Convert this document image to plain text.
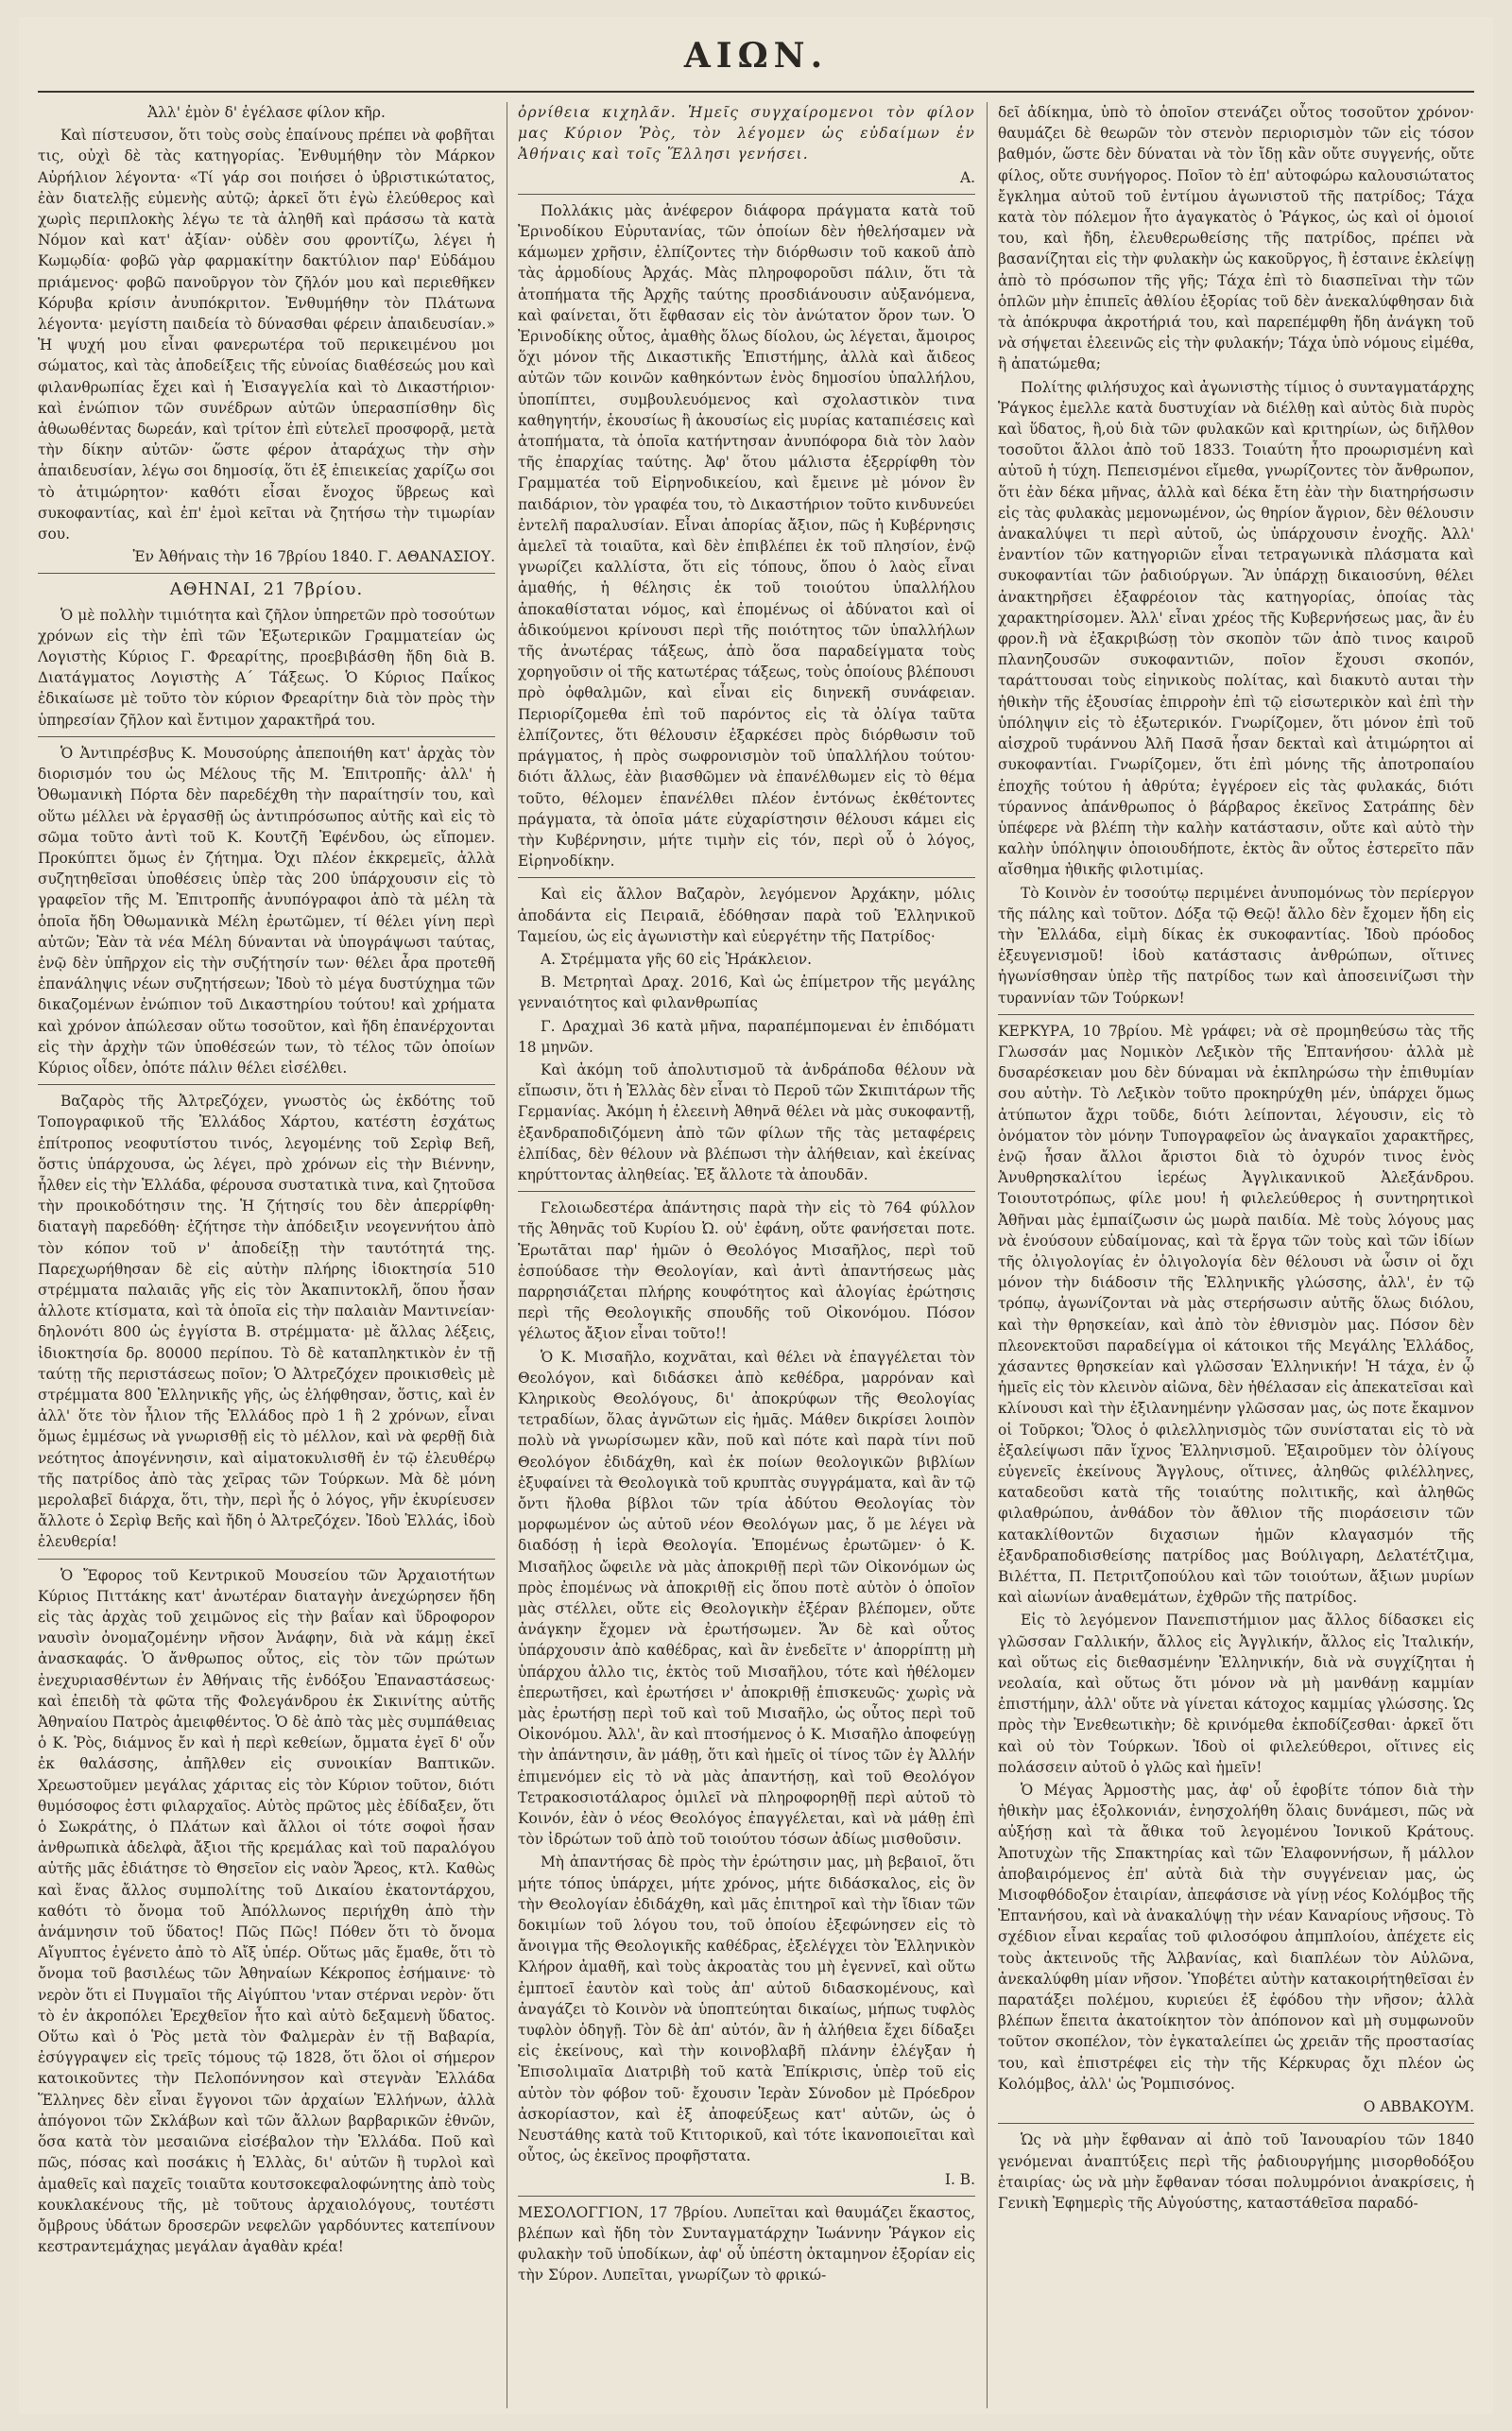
ΑΙΩΝ.

Ἀλλ' ἐμὸν δ' ἐγέλασε φίλον κῆρ.

Καὶ πίστευσον, ὅτι τοὺς σοὺς ἐπαίνους πρέπει νὰ φοβῆται τις, οὐχὶ δὲ τὰς κατηγορίας. Ἐνθυμήθην τὸν Μάρκον Αὐρήλιον λέγοντα· «Τί γάρ σοι ποιήσει ὁ ὑβριστικώτατος, ἐὰν διατελῇς εὐμενὴς αὐτῷ; ἀρκεῖ ὅτι ἐγὼ ἐλεύθερος καὶ χωρὶς περιπλοκὴς λέγω τε τὰ ἀληθῆ καὶ πράσσω τὰ κατὰ Νόμον καὶ κατ' ἀξίαν· οὐδὲν σου φροντίζω, λέγει ἡ Κωμῳδία· φοβῶ γὰρ φαρμακίτην δακτύλιον παρ' Εὐδάμου πριάμενος· φοβῶ πανοῦργον τὸν ζῆλόν μου καὶ περιεθῆκεν Κόρυβα κρίσιν ἀνυπόκριτον. Ἐνθυμήθην τὸν Πλάτωνα λέγοντα· μεγίστη παιδεία τὸ δύνασθαι φέρειν ἀπαιδευσίαν.» Ἡ ψυχή μου εἶναι φανερωτέρα τοῦ περικειμένου μοι σώματος, καὶ τὰς ἀποδείξεις τῆς εὐνοίας διαθέσεώς μου καὶ φιλανθρωπίας ἔχει καὶ ἡ Ἐισαγγελία καὶ τὸ Δικαστήριον· καὶ ἐνώπιον τῶν συνέδρων αὐτῶν ὑπερασπίσθην δὶς ἀθωωθέντας δωρεάν, καὶ τρίτον ἐπὶ εὐτελεῖ προσφορᾷ, μετὰ τὴν δίκην αὐτῶν· ὥστε φέρον ἀταράχως τὴν σὴν ἀπαιδευσίαν, λέγω σοι δημοσίᾳ, ὅτι ἐξ ἐπιεικείας χαρίζω σοι τὸ ἀτιμώρητον· καθότι εἶσαι ἔνοχος ὕβρεως καὶ συκοφαντίας, καὶ ἐπ' ἐμοὶ κεῖται νὰ ζητήσω τὴν τιμωρίαν σου.

Ἐν Ἀθήναις τὴν 16 7βρίου 1840. Γ. ΑΘΑΝΑΣΙΟΥ.

ΑΘΗΝΑΙ, 21 7βρίου.

Ὁ μὲ πολλὴν τιμιότητα καὶ ζῆλον ὑπηρετῶν πρὸ τοσούτων χρόνων εἰς τὴν ἐπὶ τῶν Ἐξωτερικῶν Γραμματείαν ὡς Λογιστὴς Κύριος Γ. Φρεαρίτης, προεβιβάσθη ἤδη διὰ Β. Διατάγματος Λογιστὴς Α΄ Τάξεως. Ὁ Κύριος Παΐκος ἐδικαίωσε μὲ τοῦτο τὸν κύριον Φρεαρίτην διὰ τὸν πρὸς τὴν ὑπηρεσίαν ζῆλον καὶ ἔντιμον χαρακτῆρά του.

Ὁ Ἀντιπρέσβυς Κ. Μουσούρης ἀπεποιήθη κατ' ἀρχὰς τὸν διορισμόν του ὡς Μέλους τῆς Μ. Ἐπιτροπῆς· ἀλλ' ἡ Ὀθωμανικὴ Πόρτα δὲν παρεδέχθη τὴν παραίτησίν του, καὶ οὕτω μέλλει νὰ ἐργασθῇ ὡς ἀντιπρόσωπος αὐτῆς καὶ εἰς τὸ σῶμα τοῦτο ἀντὶ τοῦ Κ. Κουτζῆ Ἐφένδου, ὡς εἴπομεν. Προκύπτει ὅμως ἐν ζήτημα. Ὀχι πλέον ἐκκρεμεῖς, ἀλλὰ συζητηθεῖσαι ὑποθέσεις ὑπὲρ τὰς 200 ὑπάρχουσιν εἰς τὸ γραφεῖον τῆς Μ. Ἐπιτροπῆς ἀνυπόγραφοι ἀπὸ τὰ μέλη τὰ ὁποῖα ἤδη Ὀθωμανικὰ Μέλη ἐρωτῶμεν, τί θέλει γίνη περὶ αὐτῶν; Ἐὰν τὰ νέα Μέλη δύνανται νὰ ὑπογράψωσι ταύτας, ἐνῷ δὲν ὑπῆρχον εἰς τὴν συζήτησίν των· θέλει ἆρα προτεθῆ ἐπανάληψις νέων συζητήσεων; Ἰδοὺ τὸ μέγα δυστύχημα τῶν δικαζομένων ἐνώπιον τοῦ Δικαστηρίου τούτου! καὶ χρήματα καὶ χρόνον ἀπώλεσαν οὕτω τοσοῦτον, καὶ ἤδη ἐπανέρχονται εἰς τὴν ἀρχὴν τῶν ὑποθέσεών των, τὸ τέλος τῶν ὁποίων Κύριος οἶδεν, ὁπότε πάλιν θέλει εἰσέλθει.

Βαζαρὸς τῆς Ἀλτρεζόχεν, γνωστὸς ὡς ἐκδότης τοῦ Τοπογραφικοῦ τῆς Ἑλλάδος Χάρτου, κατέστη ἐσχάτως ἐπίτροπος νεοφυτίστου τινός, λεγομένης τοῦ Σερὶφ Βεῆ, ὅστις ὑπάρχουσα, ὡς λέγει, πρὸ χρόνων εἰς τὴν Βιέννην, ἦλθεν εἰς τὴν Ἑλλάδα, φέρουσα συστατικὰ τινα, καὶ ζητοῦσα τὴν προικοδότησιν της. Ἡ ζήτησίς του δὲν ἀπερρίφθη· διαταγὴ παρεδόθη· ἐζήτησε τὴν ἀπόδειξιν νεογεννήτου ἀπὸ τὸν κόπον τοῦ ν' ἀποδείξῃ τὴν ταυτότητά της. Παρεχωρήθησαν δὲ εἰς αὐτὴν πλήρης ἰδιοκτησία 510 στρέμματα παλαιᾶς γῆς εἰς τὸν Ἀκαπιντοκλῆ, ὅπου ἦσαν ἀλλοτε κτίσματα, καὶ τὰ ὁποῖα εἰς τὴν παλαιὰν Μαντινείαν· δηλονότι 800 ὡς ἐγγίστα Β. στρέμματα· μὲ ἄλλας λέξεις, ἰδιοκτησία δρ. 80000 περίπου. Τὸ δὲ καταπληκτικὸν ἐν τῇ ταύτῃ τῆς περιστάσεως ποῖον; Ὁ Ἀλτρεζόχεν προικισθεὶς μὲ στρέμματα 800 Ἑλληνικῆς γῆς, ὡς ἐλήφθησαν, ὅστις, καὶ ἐν ἀλλ' ὅτε τὸν ἦλιον τῆς Ἑλλάδος πρὸ 1 ἢ 2 χρόνων, εἶναι ὅμως ἐμμέσως νὰ γνωρισθῇ εἰς τὸ μέλλον, καὶ νὰ φερθῇ διὰ νεότητος ἀπογέννησιν, καὶ αἱματοκυλισθῆ ἐν τῷ ἐλευθέρῳ τῆς πατρίδος ἀπὸ τὰς χεῖρας τῶν Τούρκων. Μὰ δὲ μόνη μερολαβεῖ διάρχα, ὅτι, τὴν, περὶ ἧς ὁ λόγος, γῆν ἐκυρίευσεν ἄλλοτε ὁ Σερὶφ Βεῆς καὶ ἤδη ὁ Ἀλτρεζόχεν. Ἰδοὺ Ἑλλάς, ἰδοὺ ἐλευθερία!

Ὁ Ἔφορος τοῦ Κεντρικοῦ Μουσείου τῶν Ἀρχαιοτήτων Κύριος Πιττάκης κατ' ἀνωτέραν διαταγὴν ἀνεχώρησεν ἤδη εἰς τὰς ἀρχὰς τοῦ χειμῶνος εἰς τὴν βαΐαν καὶ ὕδροφορον ναυσὶν ὀνομαζομένην νῆσον Ἀνάφην, διὰ νὰ κάμῃ ἐκεῖ ἀνασκαφάς. Ὁ ἄνθρωπος οὗτος, εἰς τὸν τῶν πρώτων ἐνεχυριασθέντων ἐν Ἀθήναις τῆς ἐνδόξου Ἐπαναστάσεως· καὶ ἐπειδὴ τὰ φῶτα τῆς Φολεγάνδρου ἐκ Σικινίτης αὐτῆς Ἀθηναίου Πατρὸς ἀμειφθέντος. Ὁ δὲ ἀπὸ τὰς μὲς συμπάθειας ὁ Κ. Ῥὸς, διάμνος ἔν καὶ ἡ περὶ κεθείων, ὄμματα ἐγεῖ δ' οὖν ἐκ θαλάσσης, ἀπῆλθεν εἰς συνοικίαν Βαπτικῶν. Χρεωστοῦμεν μεγάλας χάριτας εἰς τὸν Κύριον τοῦτον, διότι θυμόσοφος ἐστι φιλαρχαῖος. Αὐτὸς πρῶτος μὲς ἐδίδαξεν, ὅτι ὁ Σωκράτης, ὁ Πλάτων καὶ ἄλλοι οἱ τότε σοφοὶ ἦσαν ἀνθρωπικὰ ἀδελφὰ, ἄξιοι τῆς κρεμάλας καὶ τοῦ παραλόγου αὐτῆς μᾶς ἐδιάτησε τὸ Θησεῖον εἰς ναὸν Ἄρεος, κτλ. Καθὼς καὶ ἕνας ἄλλος συμπολίτης τοῦ Δικαίου ἑκατοντάρχου, καθότι τὸ ὄνομα τοῦ Ἀπόλλωνος περιήχθη ἀπὸ τὴν ἀνάμνησιν τοῦ ὕδατος! Πῶς Πῶς! Πόθεν ὅτι τὸ ὄνομα Αἴγυπτος ἐγένετο ἀπὸ τὸ Αἴξ ὑπέρ. Οὕτως μᾶς ἔμαθε, ὅτι τὸ ὄνομα τοῦ βασιλέως τῶν Ἀθηναίων Κέκροπος ἐσήμαινε· τὸ νερὸν ὅτι εἰ Πυγμαῖοι τῆς Αἰγύπτου 'νταν στέρναι νερὸν· ὅτι τὸ ἐν ἀκροπόλει Ἐρεχθεῖον ἦτο καὶ αὐτὸ δεξαμενὴ ὕδατος. Οὕτω καὶ ὁ Ῥὸς μετὰ τὸν Φαλμερὰν ἐν τῇ Βαβαρία, ἐσύγγραψεν εἰς τρεῖς τόμους τῷ 1828, ὅτι ὅλοι οἱ σήμερον κατοικοῦντες τὴν Πελοπόννησον καὶ στεγνὰν Ἑλλάδα Ἕλληνες δὲν εἶναι ἔγγονοι τῶν ἀρχαίων Ἑλλήνων, ἀλλὰ ἀπόγονοι τῶν Σκλάβων καὶ τῶν ἄλλων βαρβαρικῶν ἐθνῶν, ὅσα κατὰ τὸν μεσαιῶνα εἰσέβαλον τὴν Ἑλλάδα. Ποῦ καὶ πῶς, πόσας καὶ ποσάκις ἡ Ἑλλὰς, δι' αὐτῶν ἢ τυρλοὶ καὶ ἀμαθεῖς καὶ παχεῖς τοιαῦτα κουτσοκεφαλοφώνητης ἀπὸ τοὺς κουκλακένους τῆς, μὲ τοῦτους ἀρχαιολόγους, τουτέστι ὄμβρους ὑδάτων δροσερῶν νεφελῶν γαρδόυντες κατεπίνουν κεστραντεμάχηας μεγάλαν ἀγαθὰν κρέα!

ὀρνίθεια κιχηλᾶν. Ἡμεῖς συγχαίρομενοι τὸν φίλον μας Κύριον Ῥὸς, τὸν λέγομεν ὡς εὐδαίμων ἐν Ἀθήναις καὶ τοῖς Ἕλλησι γενήσει.

Α.

Πολλάκις μὰς ἀνέφερον διάφορα πράγματα κατὰ τοῦ Ἐρινοδίκου Εὐρυτανίας, τῶν ὁποίων δὲν ἠθελήσαμεν νὰ κάμωμεν χρῆσιν, ἐλπίζοντες τὴν διόρθωσιν τοῦ κακοῦ ἀπὸ τὰς ἁρμοδίους Ἀρχάς. Μὰς πληροφοροῦσι πάλιν, ὅτι τὰ ἀτοπήματα τῆς Ἀρχῆς ταύτης προσδιάνουσιν αὐξανόμενα, καὶ φαίνεται, ὅτι ἔφθασαν εἰς τὸν ἀνώτατον ὅρον των. Ὁ Ἐρινοδίκης οὗτος, ἀμαθὴς ὅλως δίολου, ὡς λέγεται, ἄμοιρος ὅχι μόνον τῆς Δικαστικῆς Ἐπιστήμης, ἀλλὰ καὶ ἄιδεος αὐτῶν τῶν κοινῶν καθηκόντων ἑνὸς δημοσίου ὑπαλλήλου, ὑποπίπτει, συμβουλευόμενος καὶ σχολαστικὸν τινα καθηγητήν, ἑκουσίως ἢ ἀκουσίως εἰς μυρίας καταπιέσεις καὶ ἀτοπήματα, τὰ ὁποῖα κατήντησαν ἀνυπόφορα διὰ τὸν λαὸν τῆς ἐπαρχίας ταύτης. Ἀφ' ὅτου μάλιστα ἐξερρίφθη τὸν Γραμματέα τοῦ Εἰρηνοδικείου, καὶ ἔμεινε μὲ μόνον ἓν παιδάριον, τὸν γραφέα του, τὸ Δικαστήριον τοῦτο κινδυνεύει ἐντελῆ παραλυσίαν. Εἶναι ἀπορίας ἄξιον, πῶς ἡ Κυβέρνησις ἀμελεῖ τὰ τοιαῦτα, καὶ δὲν ἐπιβλέπει ἐκ τοῦ πλησίον, ἐνῷ γνωρίζει καλλίστα, ὅτι εἰς τόπους, ὅπου ὁ λαὸς εἶναι ἀμαθής, ἡ θέλησις ἐκ τοῦ τοιούτου ὑπαλλήλου ἀποκαθίσταται νόμος, καὶ ἐπομένως οἱ ἀδύνατοι καὶ οἱ ἀδικούμενοι κρίνουσι περὶ τῆς ποιότητος τῶν ὑπαλλήλων τῆς ἀνωτέρας τάξεως, ἀπὸ ὅσα παραδείγματα τοὺς χορηγοῦσιν οἱ τῆς κατωτέρας τάξεως, τοὺς ὁποίους βλέπουσι πρὸ ὀφθαλμῶν, καὶ εἶναι εἰς διηνεκῆ συνάφειαν. Περιορίζομεθα ἐπὶ τοῦ παρόντος εἰς τὰ ὀλίγα ταῦτα ἐλπίζοντες, ὅτι θέλουσιν ἐξαρκέσει πρὸς διόρθωσιν τοῦ πράγματος, ἡ πρὸς σωφρονισμὸν τοῦ ὑπαλλήλου τούτου· διότι ἄλλως, ἐὰν βιασθῶμεν νὰ ἐπανέλθωμεν εἰς τὸ θέμα τοῦτο, θέλομεν ἐπανέλθει πλέον ἐντόνως ἐκθέτοντες πράγματα, τὰ ὁποῖα μάτε εὐχαρίστησιν θέλουσι κάμει εἰς τὴν Κυβέρνησιν, μήτε τιμὴν εἰς τόν, περὶ οὗ ὁ λόγος, Εἰρηνοδίκην.

Καὶ εἰς ἄλλον Βαζαρὸν, λεγόμενον Ἀρχάκην, μόλις ἀποδάντα εἰς Πειραιᾶ, ἐδόθησαν παρὰ τοῦ Ἑλληνικοῦ Ταμείου, ὡς εἰς ἀγωνιστὴν καὶ εὐεργέτην τῆς Πατρίδος·

Α. Στρέμματα γῆς 60 εἰς Ἡράκλειον.

Β. Μετρηταὶ Δραχ. 2016, Καὶ ὡς ἐπίμετρον τῆς μεγάλης γενναιότητος καὶ φιλανθρωπίας

Γ. Δραχμαὶ 36 κατὰ μῆνα, παραπέμπομεναι ἐν ἐπιδόματι 18 μηνῶν.

Καὶ ἀκόμη τοῦ ἀπολυτισμοῦ τὰ ἀνδράποδα θέλουν νὰ εἴπωσιν, ὅτι ἡ Ἑλλὰς δὲν εἶναι τὸ Περοῦ τῶν Σκιπιτάρων τῆς Γερμανίας. Ἀκόμη ἡ ἐλεεινὴ Ἀθηνᾶ θέλει νὰ μὰς συκοφαντῇ, ἐξανδραποδιζόμενη ἀπὸ τῶν φίλων τῆς τὰς μεταφέρεις ἐλπίδας, δὲν θέλουν νὰ βλέπωσι τὴν ἀλήθειαν, καὶ ἐκείνας κηρύττοντας ἀληθείας. Ἐξ ἄλλοτε τὰ ἀπουδᾶν.

Γελοιωδεστέρα ἀπάντησις παρὰ τὴν εἰς τὸ 764 φύλλον τῆς Ἀθηνᾶς τοῦ Κυρίου Ὠ. οὐ' ἐφάνη, οὔτε φανήσεται ποτε. Ἐρωτᾶται παρ' ἡμῶν ὁ Θεολόγος Μισαῆλος, περὶ τοῦ ἐσπούδασε τὴν Θεολογίαν, καὶ ἀντὶ ἀπαντήσεως μὰς παρρησιάζεται πλήρης κουφότητος καὶ ἀλογίας ἐρώτησις περὶ τῆς Θεολογικῆς σπουδῆς τοῦ Οἰκονόμου. Πόσον γέλωτος ἄξιον εἶναι τοῦτο!!

Ὁ Κ. Μισαῆλο, κοχνᾶται, καὶ θέλει νὰ ἐπαγγέλεται τὸν Θεολόγον, καὶ διδάσκει ἀπὸ κεθέδρα, μαρρόναν καὶ Κληρικοὺς Θεολόγους, δι' ἀποκρύφων τῆς Θεολογίας τετραδίων, ὅλας ἀγνῶτων εἰς ἡμᾶς. Μάθεν δικρίσει λοιπὸν πολὺ νὰ γνωρίσωμεν κἂν, ποῦ καὶ πότε καὶ παρὰ τίνι ποῦ Θεολόγον ἐδιδάχθη, καὶ ἐκ ποίων θεολογικῶν βιβλίων ἐξυφαίνει τὰ Θεολογικὰ τοῦ κρυπτὰς συγγράματα, καὶ ἂν τῷ ὄντι ἤλοθα βίβλοι τῶν τρία ἀδύτου Θεολογίας τὸν μορφωμένον ὡς αὐτοῦ νέον Θεολόγων μας, ὅ με λέγει νὰ διαδόσῃ ἡ ἱερὰ Θεολογία. Ἐπομένως ἐρωτῶμεν· ὁ Κ. Μισαῆλος ὤφειλε νὰ μὰς ἀποκριθῇ περὶ τῶν Οἰκονόμων ὡς πρὸς ἐπομένως νὰ ἀποκριθῇ εἰς ὅπου ποτὲ αὐτὸν ὁ ὁποῖον μὰς στέλλει, οὔτε εἰς Θεολογικὴν ἐξέραν βλέπομεν, οὔτε ἀνάγκην ἔχομεν νὰ ἐρωτήσωμεν. Ἄν δὲ καὶ οὗτος ὑπάρχουσιν ἀπὸ καθέδρας, καὶ ἂν ἐνεδεῖτε ν' ἀπορρίπτῃ μὴ ὑπάρχου ἀλλο τις, ἐκτὸς τοῦ Μισαῆλου, τότε καὶ ἠθέλομεν ἐπερωτῆσει, καὶ ἐρωτήσει ν' ἀποκριθῇ ἐπισκευῶς· χωρὶς νὰ μὰς ἐρωτήσῃ περὶ τοῦ καὶ τοῦ Μισαῆλο, ὡς οὗτος περὶ τοῦ Οἰκονόμου. Ἀλλ', ἂν καὶ πτοσήμενος ὁ Κ. Μισαῆλο ἀποφεύγῃ τὴν ἀπάντησιν, ἂν μάθῃ, ὅτι καὶ ἡμεῖς οἱ τίνος τῶν ἐγ Ἀλλήν ἐπιμενόμεν εἰς τὸ νὰ μὰς ἀπαντήσῃ, καὶ τοῦ Θεολόγον Τετρακοσιοτάλαρος ὁμιλεῖ νὰ πληροφορηθῇ περὶ αὐτοῦ τὸ Κοινόν, ἐὰν ὁ νέος Θεολόγος ἐπαγγέλεται, καὶ νὰ μάθῃ ἐπὶ τὸν ἰδρώτων τοῦ ἀπὸ τοῦ τοιούτου τόσων ἀδίως μισθοῦσιν.

Μὴ ἀπαντήσας δὲ πρὸς τὴν ἐρώτησιν μας, μὴ βεβαιοῖ, ὅτι μήτε τόπος ὑπάρχει, μήτε χρόνος, μήτε διδάσκαλος, εἰς ὃν τὴν Θεολογίαν ἐδιδάχθη, καὶ μᾶς ἐπιτηροῖ καὶ τὴν ἴδιαν τῶν δοκιμίων τοῦ λόγου του, τοῦ ὁποίου ἐξεφώνησεν εἰς τὸ ἄνοιγμα τῆς Θεολογικῆς καθέδρας, ἐξελέγχει τὸν Ἑλληνικὸν Κλήρον ἀμαθῆ, καὶ τοὺς ἀκροατὰς του μὴ ἐγεννεῖ, καὶ οὕτω ἐμπτοεῖ ἑαυτὸν καὶ τοὺς ἀπ' αὐτοῦ διδασκομένους, καὶ ἀναγάζει τὸ Κοινὸν νὰ ὑποπτεύηται δικαίως, μήπως τυφλὸς τυφλὸν ὁδηγῇ. Τὸν δὲ ἀπ' αὐτόν, ἂν ἡ ἀλήθεια ἔχει δίδαξει εἰς ἐκείνους, καὶ τὴν κοινοβλαβῆ πλάνην ἐλέγξαν ἡ Ἐπισολιμαῖα Διατριβὴ τοῦ κατὰ Ἐπίκρισις, ὑπὲρ τοῦ εἰς αὐτὸν τὸν φόβον τοῦ· ἔχουσιν Ἱερὰν Σύνοδον μὲ Πρόεδρον ἀσκορίαστον, καὶ ἐξ ἀποφεύξεως κατ' αὐτῶν, ὡς ὁ Νευστάθης κατὰ τοῦ Κτιτορικοῦ, καὶ τότε ἱκανοποιεῖται καὶ οὗτος, ὡς ἐκεῖνος προφῆστατα.

Ι. Β.

ΜΕΣΟΛΟΓΓΙΟΝ, 17 7βρίου. Λυπεῖται καὶ θαυμάζει ἕκαστος, βλέπων καὶ ἤδη τὸν Συνταγματάρχην Ἰωάννην Ῥάγκον εἰς φυλακὴν τοῦ ὑποδίκων, ἀφ' οὗ ὑπέστη ὀκταμηνον ἐξορίαν εἰς τὴν Σύρον. Λυπεῖται, γνωρίζων τὸ φρικώ-

δεῖ ἀδίκημα, ὑπὸ τὸ ὁποῖον στενάζει οὗτος τοσοῦτον χρόνον· θαυμάζει δὲ θεωρῶν τὸν στενὸν περιορισμὸν τῶν εἰς τόσον βαθμόν, ὥστε δὲν δύναται νὰ τὸν ἴδῃ κἂν οὔτε συγγενής, οὔτε φίλος, οὔτε συνήγορος. Ποῖον τὸ ἐπ' αὐτοφώρω καλουσιώτατος ἔγκλημα αὐτοῦ τοῦ ἐντίμου ἀγωνιστοῦ τῆς πατρίδος; Τάχα κατὰ τὸν πόλεμον ἦτο ἀγαγκατὸς ὁ Ῥάγκος, ὡς καὶ οἱ ὁμοιοί του, καὶ ἤδη, ἐλευθερωθείσης τῆς πατρίδος, πρέπει νὰ βασανίζηται εἰς τὴν φυλακὴν ὡς κακοῦργος, ἢ ἐσταινε ἐκλείψῃ ἀπὸ τὸ πρόσωπον τῆς γῆς; Τάχα ἐπὶ τὸ διασπεῖναι τὴν τῶν ὁπλῶν μὴν ἐπιπεῖς ἀθλίου ἐξορίας τοῦ δὲν ἀνεκαλύφθησαν διὰ τὰ ἀπόκρυφα ἀκροτήριά του, καὶ παρεπέμφθη ἤδη ἀνάγκη τοῦ νὰ σήψεται ἐλεεινῶς εἰς τὴν φυλακήν; Τάχα ὑπὸ νόμους εἰμέθα, ἢ ἀπατώμεθα;

Πολίτης φιλήσυχος καὶ ἀγωνιστὴς τίμιος ὁ συνταγματάρχης Ῥάγκος ἐμελλε κατὰ δυστυχίαν νὰ διέλθῃ καὶ αὐτὸς διὰ πυρὸς καὶ ὕδατος, ἢ,οὐ διὰ τῶν φυλακῶν καὶ κριτηρίων, ὡς διῆλθον τοσοῦτοι ἄλλοι ἀπὸ τοῦ 1833. Τοιαύτη ἦτο προωρισμένη καὶ αὐτοῦ ἡ τύχη. Πεπεισμένοι εἴμεθα, γνωρίζοντες τὸν ἄνθρωπον, ὅτι ἐὰν δέκα μῆνας, ἀλλὰ καὶ δέκα ἔτη ἐὰν τὴν διατηρήσωσιν εἰς τὰς φυλακὰς μεμονωμένον, ὡς θηρίον ἄγριον, δὲν θέλουσιν ἀνακαλύψει τι περὶ αὐτοῦ, ὡς ὑπάρχουσιν ἐνοχῆς. Ἀλλ' ἐναντίον τῶν κατηγοριῶν εἶναι τετραγωνικὰ πλάσματα καὶ συκοφαντίαι τῶν ῥαδιούργων. Ἂν ὑπάρχῃ δικαιοσύνη, θέλει ἀνακτηρῆσει ἐξαφρέοιον τὰς κατηγορίας, ὁποίας τὰς χαρακτηρίσομεν. Ἀλλ' εἶναι χρέος τῆς Κυβερνήσεως μας, ἂν ἐυ φρον.ἢ νὰ ἐξακριβώσῃ τὸν σκοπὸν τῶν ἀπὸ τινος καιροῦ πλανηζουσῶν συκοφαντιῶν, ποῖον ἔχουσι σκοπόν, ταράττουσαι τοὺς εἰηνικοὺς πολίτας, καὶ διακυτὸ αυται τὴν ἠθικὴν τῆς ἐξουσίας ἐπιρροὴν ἐπὶ τῷ εἰσωτερικὸν καὶ ἐπὶ τὴν ὑπόληψιν εἰς τὸ ἐξωτερικόν. Γνωρίζομεν, ὅτι μόνον ἐπὶ τοῦ αἰσχροῦ τυράννου Ἀλῆ Πασᾶ ἦσαν δεκταὶ καὶ ἀτιμώρητοι αἱ συκοφαντίαι. Γνωρίζομεν, ὅτι ἐπὶ μόνης τῆς ἀποτροπαίου ἐποχῆς τούτου ἡ ἀθρύτα; ἐγγέροεν εἰς τὰς φυλακάς, διότι τύραννος ἀπάνθρωπος ὁ βάρβαρος ἐκεῖνος Σατράπης δὲν ὑπέφερε νὰ βλέπη τὴν καλὴν κατάστασιν, οὔτε καὶ αὐτὸ τὴν καλὴν ὑπόληψιν ὁποιουδήποτε, ἐκτὸς ἂν οὗτος ἐστερεῖτο πᾶν αἴσθημα ἠθικῆς φιλοτιμίας.

Τὸ Κοινὸν ἐν τοσούτῳ περιμένει ἀνυπομόνως τὸν περίεργον τῆς πάλης καὶ τοῦτον. Δόξα τῷ Θεῷ! ἄλλο δὲν ἔχομεν ἤδη εἰς τὴν Ἑλλάδα, εἰμὴ δίκας ἐκ συκοφαντίας. Ἰδοὺ πρόοδος ἐξευγενισμοῦ! ἰδοὺ κατάστασις ἀνθρώπων, οἵτινες ἠγωνίσθησαν ὑπὲρ τῆς πατρίδος των καὶ ἀποσεινίζωσι τὴν τυραννίαν τῶν Τούρκων!

ΚΕΡΚΥΡΑ, 10 7βρίου. Μὲ γράφει; νὰ σὲ προμηθεύσω τὰς τῆς Γλωσσάν μας Νομικὸν Λεξικὸν τῆς Ἐπτανήσου· ἀλλὰ μὲ δυσαρέσκειαν μου δὲν δύναμαι νὰ ἐκπληρώσω τὴν ἐπιθυμίαν σου αὐτὴν. Τὸ Λεξικὸν τοῦτο προκηρύχθη μέν, ὑπάρχει ὅμως ἀτύπωτον ἄχρι τοῦδε, διότι λείπονται, λέγουσιν, εἰς τὸ ὀνόματον τὸν μόνην Τυπογραφεῖον ὡς ἀναγκαῖοι χαρακτῆρες, ἐνῷ ἦσαν ἄλλοι ἄριστοι διὰ τὸ ὀχυρόν τινος ἑνὸς Ἀνυθρησκαλίτου ἱερέως Ἀγγλικανικοῦ Ἀλεξάνδρου. Τοιουτοτρόπως, φίλε μου! ἡ φιλελεύθερος ἡ συντηρητικοὶ Ἀθῆναι μὰς ἐμπαίζωσιν ὡς μωρὰ παιδία. Μὲ τοὺς λόγους μας νὰ ἐνούσουν εὐδαίμονας, καὶ τὰ ἔργα τῶν τοὺς καὶ τῶν ἰδίων τῆς ὀλιγολογίας ἐν ὀλιγολογία δὲν θέλουσι νὰ ὦσιν οἱ ὄχι μόνον τὴν διάδοσιν τῆς Ἑλληνικῆς γλώσσης, ἀλλ', ἐν τῷ τρόπῳ, ἀγωνίζονται νὰ μὰς στερήσωσιν αὐτῆς ὅλως διόλου, καὶ τὴν θρησκείαν, καὶ ἀπὸ τὸν ἐθνισμὸν μας. Πόσον δὲν πλεονεκτοῦσι παραδείγμα οἱ κάτοικοι τῆς Μεγάλης Ἑλλάδος, χάσαντες θρησκείαν καὶ γλῶσσαν Ἑλληνικήν! Ἡ τάχα, ἐν ᾧ ἡμεῖς εἰς τὸν κλεινὸν αἰῶνα, δὲν ἠθέλασαν εἰς ἀπεκατεῖσαι καὶ κλίνουσι καὶ τὴν ἐξιλανημένην γλῶσσαν μας, ὡς ποτε ἔκαμνον οἱ Τοῦρκοι; Ὅλος ὁ φιλελληνισμὸς τῶν συνίσταται εἰς τὸ νὰ ἐξαλείψωσι πᾶν ἴχνος Ἑλληνισμοῦ. Ἐξαιροῦμεν τὸν ὀλίγους εὐγενεῖς ἐκείνους Ἄγγλους, οἵτινες, ἀληθῶς φιλέλληνες, καταδεοῦσι κατὰ τῆς τοιαύτης πολιτικῆς, καὶ ἀληθῶς φιλαθρώπου, ἀνθάδον τὸν ἄθλιον τῆς πιοράσεισιν τῶν κατακλίθοντῶν διχασιων ἡμῶν κλαγασμόν τῆς ἐξανδραποδισθείσης πατρίδος μας Βούλιγαρη, Δελατέτζιμα, Βιλέττα, Π. Πετριτζοπούλου καὶ τῶν τοιούτων, ἄξιων μυρίων καὶ αἰωνίων ἀναθεμάτων, ἐχθρῶν τῆς πατρίδος.

Εἰς τὸ λεγόμενον Πανεπιστήμιον μας ἄλλος δίδασκει εἰς γλῶσσαν Γαλλικήν, ἄλλος εἰς Ἀγγλικήν, ἄλλος εἰς Ἰταλικήν, καὶ οὕτως εἰς διεθασμένην Ἑλληνικήν, διὰ νὰ συγχίζηται ἡ νεολαία, καὶ οὕτως ὅτι μόνον νὰ μὴ μανθάνῃ καμμίαν ἐπιστήμην, ἀλλ' οὔτε νὰ γίνεται κάτοχος καμμίας γλώσσης. Ὡς πρὸς τὴν Ἑνεθεωτικὴν; δὲ κρινόμεθα ἐκποδίζεσθαι· ἀρκεῖ ὅτι καὶ οὐ τὸν Τούρκων. Ἰδοὺ οἱ φιλελεύθεροι, οἵτινες εἰς πολάσσειν αὐτοῦ ὁ γλῶς καὶ ἡμεῖν!

Ὁ Μέγας Ἁρμοστὴς μας, ἀφ' οὗ ἐφοβίτε τόπον διὰ τὴν ἠθικὴν μας ἐξολκονιάν, ἐνησχολήθη ὅλαις δυνάμεσι, πῶς νὰ αὐξήσῃ καὶ τὰ ἄθικα τοῦ λεγομένου Ἰονικοῦ Κράτους. Ἀποτυχὼν τῆς Σπακτηρίας καὶ τῶν Ἐλαφοννήσων, ἤ μάλλον ἀποβαιρόμενος ἐπ' αὐτὰ διὰ τὴν συγγένειαν μας, ὡς Μισοφθόδοξον ἑταιρίαν, ἀπεφάσισε νὰ γίνῃ νέος Κολόμβος τῆς Ἐπτανήσου, καὶ νὰ ἀνακαλύψῃ τὴν νέαν Καναρίους νῆσους. Τὸ σχέδιον εἶναι κεραΐας τοῦ φιλοσόφου ἀπμπλοίου, ἀπέχετε εἰς τοὺς ἀκτεινοῦς τῆς Ἀλβανίας, καὶ διαπλέων τὸν Αὐλῶνα, ἀνεκαλύφθη μίαν νῆσον. Ὑποβέτει αὐτὴν κατακοιρήτηθεῖσαι ἐν παρατάξει πολέμου, κυριεύει ἐξ ἐφόδου τὴν νῆσον; ἀλλὰ βλέπων ἔπειτα ἀκατοίκητον τὸν ἀπόπονον καὶ μὴ συμφωνοῦν τοῦτον σκοπέλον, τὸν ἐγκαταλείπει ὡς χρειᾶν τῆς προστασίας του, καὶ ἐπιστρέφει εἰς τὴν τῆς Κέρκυρας ὄχι πλέον ὡς Κολόμβος, ἀλλ' ὡς Ῥομπισόνος.

Ο ΑΒΒΑΚΟΥΜ.

Ὡς νὰ μὴν ἔφθαναν αἱ ἀπὸ τοῦ Ἰανουαρίου τῶν 1840 γενόμεναι ἀναπτύξεις περὶ τῆς ῥαδιουργήμης μισορθοδόξου ἑταιρίας· ὡς νὰ μὴν ἔφθαναν τόσαι πολυμρόνιοι ἀνακρίσεις, ἡ Γενικὴ Ἐφημερὶς τῆς Αὐγούστης, καταστάθεῖσα παραδό-
